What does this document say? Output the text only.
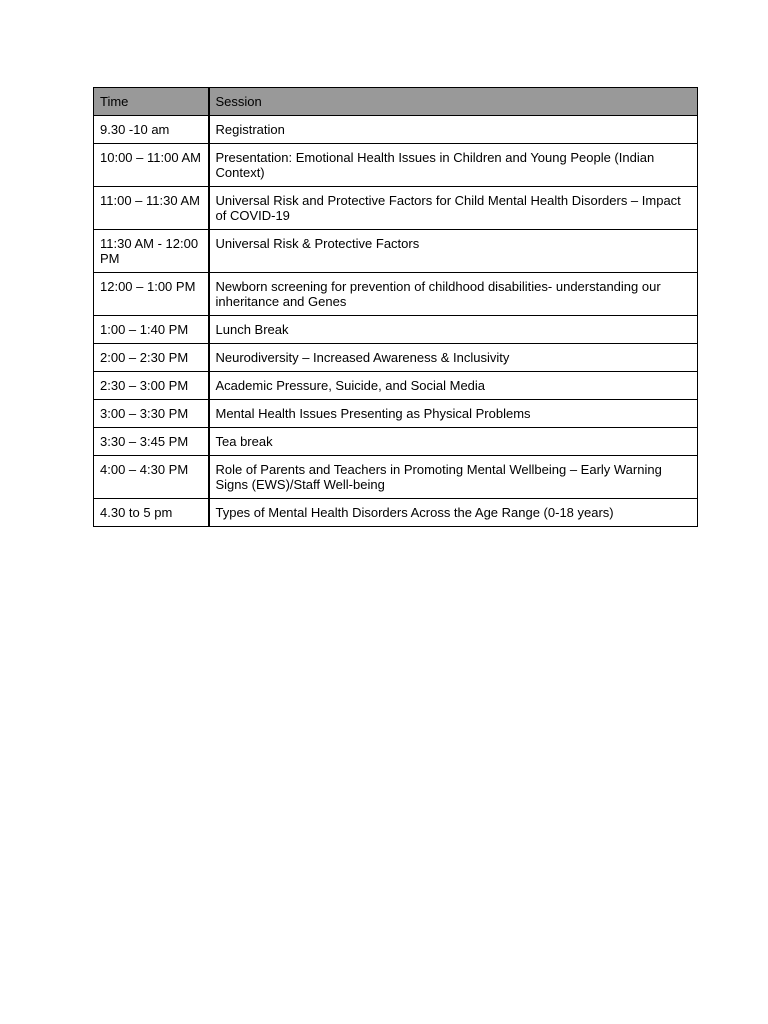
Time	Session
9.30 -10 am	Registration
10:00 – 11:00 AM	Presentation: Emotional Health Issues in Children and Young People (Indian Context)
11:00 – 11:30 AM	Universal Risk and Protective Factors for Child Mental Health Disorders – Impact of COVID-19
11:30 AM - 12:00 PM	Universal Risk & Protective Factors
12:00 – 1:00 PM	Newborn screening for prevention of childhood disabilities- understanding our inheritance and Genes
1:00 – 1:40 PM	Lunch Break
2:00 – 2:30 PM	Neurodiversity – Increased Awareness & Inclusivity
2:30 – 3:00 PM	Academic Pressure, Suicide, and Social Media
3:00 – 3:30 PM	Mental Health Issues Presenting as Physical Problems
3:30 – 3:45 PM	Tea break
4:00 – 4:30 PM	Role of Parents and Teachers in Promoting Mental Wellbeing – Early Warning Signs (EWS)/Staff Well-being
4.30 to 5 pm	Types of Mental Health Disorders Across the Age Range (0-18 years)
